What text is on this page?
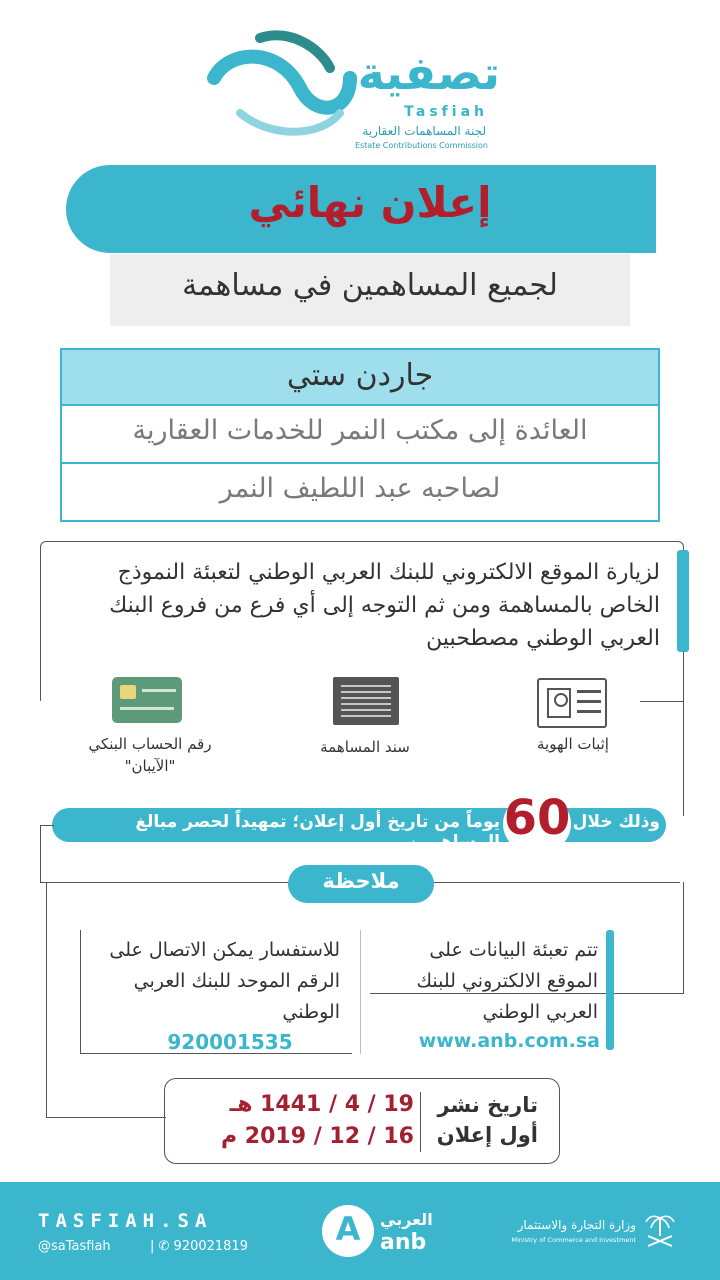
تصفية
Tasfiah
لجنة المساهمات العقارية
Estate Contributions Commission
إعلان نهائي
لجميع المساهمين في مساهمة
جاردن ستي
العائدة إلى مكتب النمر للخدمات العقارية
لصاحبه عبد اللطيف النمر
لزيارة الموقع الالكتروني للبنك العربي الوطني لتعبئة النموذج الخاص بالمساهمة ومن ثم التوجه إلى أي فرع من فروع البنك العربي الوطني مصطحبين
إثبات الهوية
سند المساهمة
رقم الحساب البنكي "الآيبان"
وذلك خلال
60
يوماً من تاريخ أول إعلان؛ تمهيداً لحصر مبالغ المساهمين
ملاحظة
تتم تعبئة البيانات على الموقع الالكتروني للبنك العربي الوطني
www.anb.com.sa
للاستفسار يمكن الاتصال على الرقم الموحد للبنك العربي الوطني
920001535
تاريخ نشر أول إعلان
19 / 4 / 1441 هـ
16 / 12 / 2019 م
TASFIAH.SA
@saTasfiah	| ✆ 920021819	A	العربي
anb
وزارة التجارة والاستثمار
Ministry of Commerce and Investment
